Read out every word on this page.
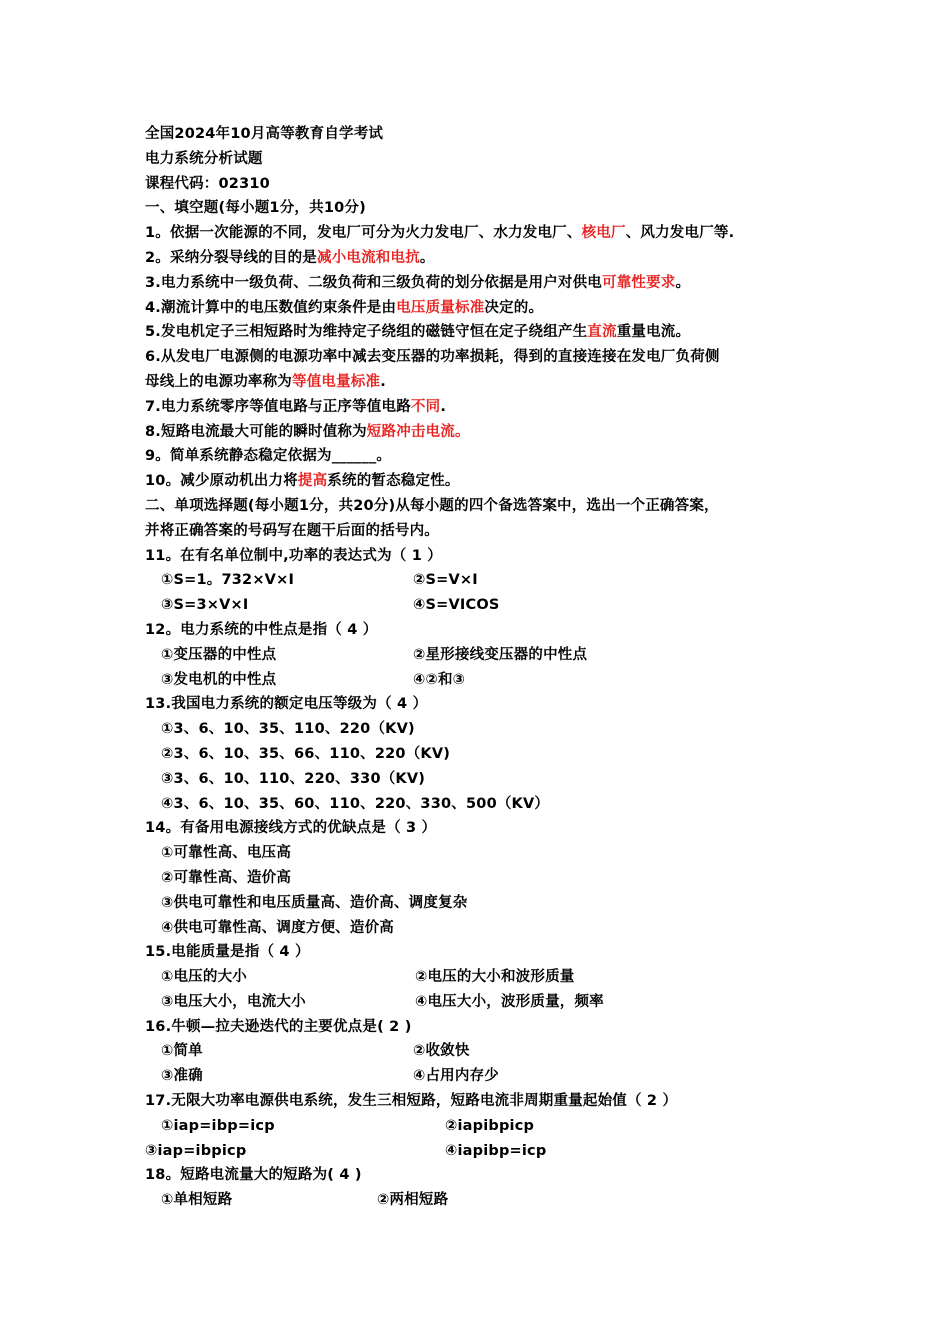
全国2024年10月高等教育自学考试
电力系统分析试题
课程代码：02310
一、填空题(每小题1分，共10分)
1。依据一次能源的不同，发电厂可分为火力发电厂、水力发电厂、核电厂、风力发电厂等.
2。采纳分裂导线的目的是减小电流和电抗。
3.电力系统中一级负荷、二级负荷和三级负荷的划分依据是用户对供电可靠性要求。
4.潮流计算中的电压数值约束条件是由电压质量标准决定的。
5.发电机定子三相短路时为维持定子绕组的磁链守恒在定子绕组产生直流重量电流。
6.从发电厂电源侧的电源功率中减去变压器的功率损耗，得到的直接连接在发电厂负荷侧
母线上的电源功率称为等值电量标准.
7.电力系统零序等值电路与正序等值电路不同.
8.短路电流最大可能的瞬时值称为短路冲击电流。
9。简单系统静态稳定依据为______。
10。减少原动机出力将提高系统的暂态稳定性。
二、单项选择题(每小题1分，共20分)从每小题的四个备选答案中，选出一个正确答案，
并将正确答案的号码写在题干后面的括号内。
11。在有名单位制中,功率的表达式为（ 1 ）
①S=1。732×V×I	②S=V×I
③S=3×V×I	④S=VICOS
12。电力系统的中性点是指（ 4 ）
①变压器的中性点	②星形接线变压器的中性点
③发电机的中性点	④②和③
13.我国电力系统的额定电压等级为（ 4 ）
①3、6、10、35、110、220（KV)
②3、6、10、35、66、110、220（KV)
③3、6、10、110、220、330（KV)
④3、6、10、35、60、110、220、330、500（KV）
14。有备用电源接线方式的优缺点是（ 3 ）
①可靠性高、电压高
②可靠性高、造价高
③供电可靠性和电压质量高、造价高、调度复杂
④供电可靠性高、调度方便、造价高
15.电能质量是指（ 4 ）
①电压的大小	②电压的大小和波形质量
③电压大小，电流大小	④电压大小，波形质量，频率
16.牛顿—拉夫逊迭代的主要优点是( 2 )
①简单	②收敛快
③准确	④占用内存少
17.无限大功率电源供电系统，发生三相短路，短路电流非周期重量起始值（ 2 ）
①iap=ibp=icp	②iapibpicp
③iap=ibpicp	④iapibp=icp
18。短路电流量大的短路为( 4 )
①单相短路	②两相短路
